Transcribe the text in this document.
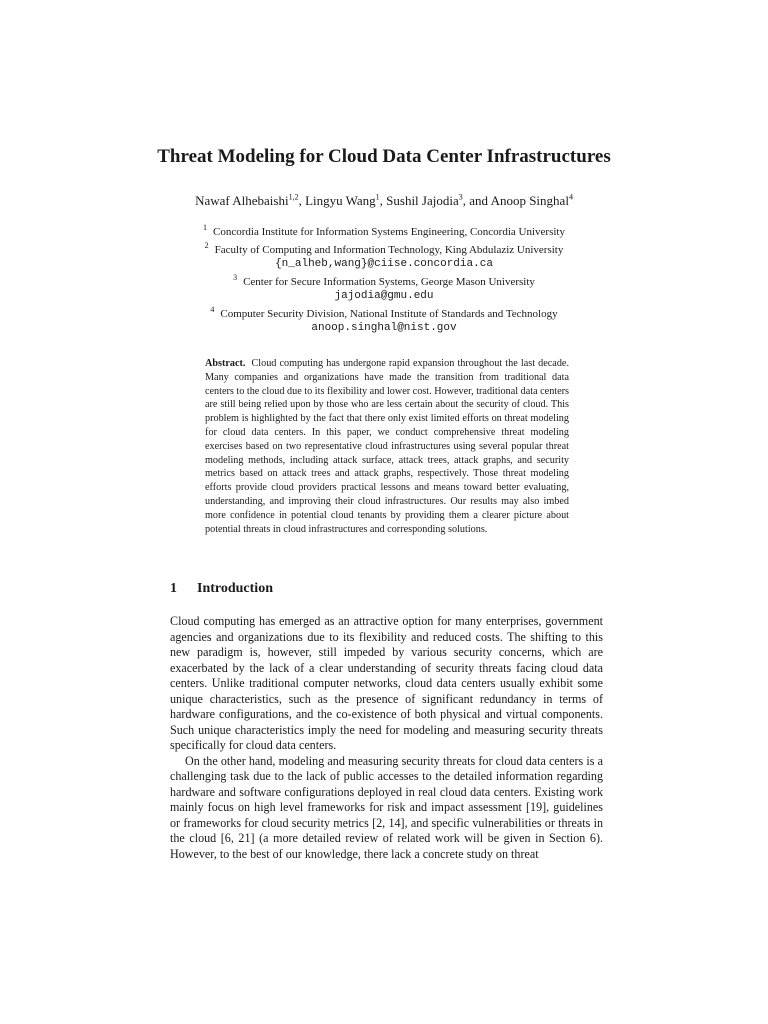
Threat Modeling for Cloud Data Center Infrastructures
Nawaf Alhebaishi$^{1,2}$, Lingyu Wang$^1$, Sushil Jajodia$^3$, and Anoop Singhal$^4$
$^1$ Concordia Institute for Information Systems Engineering, Concordia University
$^2$ Faculty of Computing and Information Technology, King Abdulaziz University
{n_alheb,wang}@ciise.concordia.ca
$^3$ Center for Secure Information Systems, George Mason University
jajodia@gmu.edu
$^4$ Computer Security Division, National Institute of Standards and Technology
anoop.singhal@nist.gov
Abstract. Cloud computing has undergone rapid expansion throughout the last decade. Many companies and organizations have made the transition from traditional data centers to the cloud due to its flexibility and lower cost. However, traditional data centers are still being relied upon by those who are less certain about the security of cloud. This problem is highlighted by the fact that there only exist limited efforts on threat modeling for cloud data centers. In this paper, we conduct comprehensive threat modeling exercises based on two representative cloud infrastructures using several popular threat modeling methods, including attack surface, attack trees, attack graphs, and security metrics based on attack trees and attack graphs, respectively. Those threat modeling efforts provide cloud providers practical lessons and means toward better evaluating, understanding, and improving their cloud infrastructures. Our results may also imbed more confidence in potential cloud tenants by providing them a clearer picture about potential threats in cloud infrastructures and corresponding solutions.
1 Introduction

Cloud computing has emerged as an attractive option for many enterprises, government agencies and organizations due to its flexibility and reduced costs. The shifting to this new paradigm is, however, still impeded by various security concerns, which are exacerbated by the lack of a clear understanding of security threats facing cloud data centers. Unlike traditional computer networks, cloud data centers usually exhibit some unique characteristics, such as the presence of significant redundancy in terms of hardware configurations, and the co-existence of both physical and virtual components. Such unique characteristics imply the need for modeling and measuring security threats specifically for cloud data centers.

On the other hand, modeling and measuring security threats for cloud data centers is a challenging task due to the lack of public accesses to the detailed information regarding hardware and software configurations deployed in real cloud data centers. Existing work mainly focus on high level frameworks for risk and impact assessment [19], guidelines or frameworks for cloud security metrics [2, 14], and specific vulnerabilities or threats in the cloud [6, 21] (a more detailed review of related work will be given in Section 6). However, to the best of our knowledge, there lack a concrete study on threat
